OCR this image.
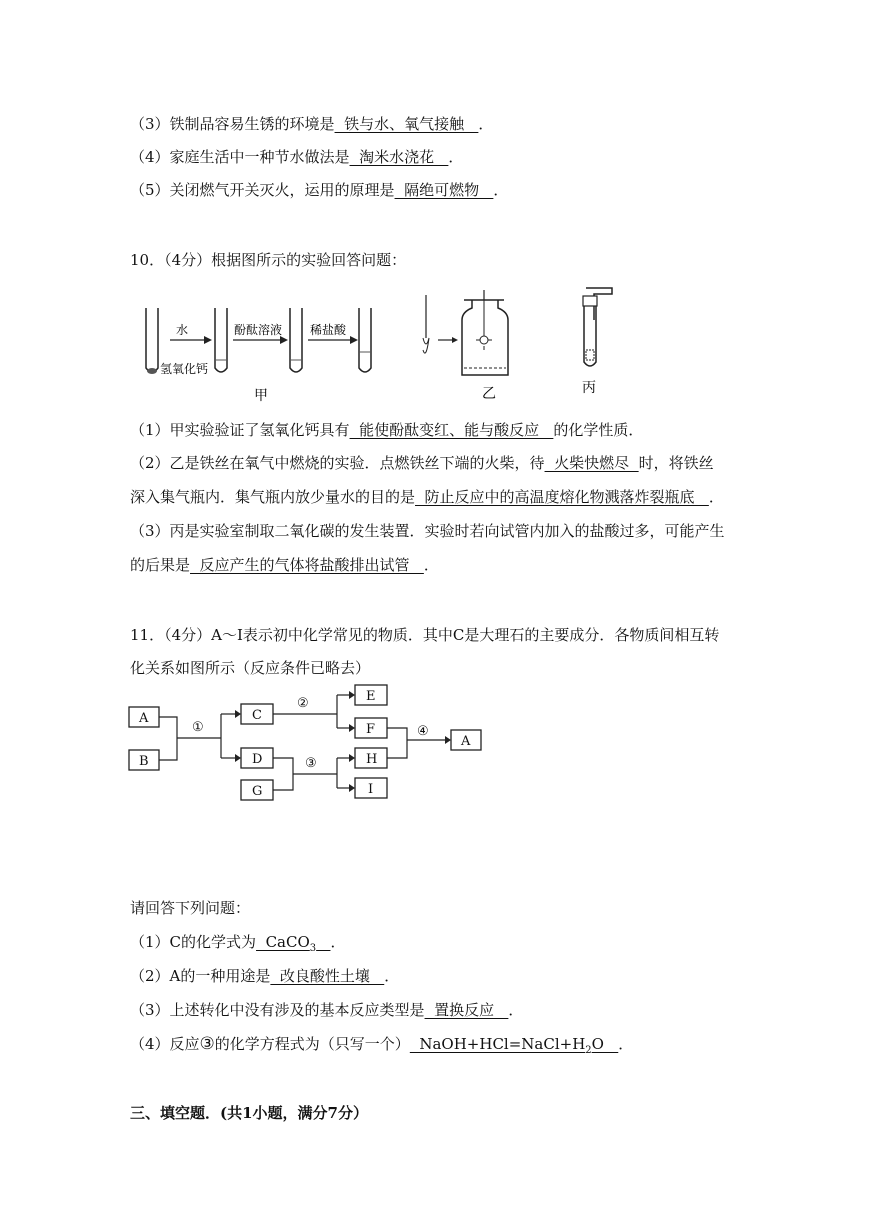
（3）铁制品容易生锈的环境是  铁与水、氧气接触   ．
（4）家庭生活中一种节水做法是  淘米水浇花   ．
（5）关闭燃气开关灭火，运用的原理是  隔绝可燃物   ．
10．（4分）根据图所示的实验回答问题：
水
氢氧化钙
酚酞溶液 稀盐酸
甲	乙	丙
（1）甲实验验证了氢氧化钙具有  能使酚酞变红、能与酸反应   的化学性质．
（2）乙是铁丝在氧气中燃烧的实验．点燃铁丝下端的火柴，待  火柴快燃尽  时，将铁丝
深入集气瓶内．集气瓶内放少量水的目的是  防止反应中的高温度熔化物溅落炸裂瓶底   ．
（3）丙是实验室制取二氧化碳的发生装置．实验时若向试管内加入的盐酸过多，可能产生
的后果是  反应产生的气体将盐酸排出试管   ．
11．（4分）A～I表示初中化学常见的物质．其中C是大理石的主要成分．各物质间相互转
化关系如图所示（反应条件已略去）
A
B
C
D
G
E
F
H
I
A
①
②
③
④
请回答下列问题：
（1）C的化学式为  CaCO$_3$ ．
（2）A的一种用途是  改良酸性土壤   ．
（3）上述转化中没有涉及的基本反应类型是  置换反应   ．
（4）反应③的化学方程式为（只写一个）  $NaOH+HCl=NaCl+H_2O$   ．
三、填空题．(共1小题，满分7分）
